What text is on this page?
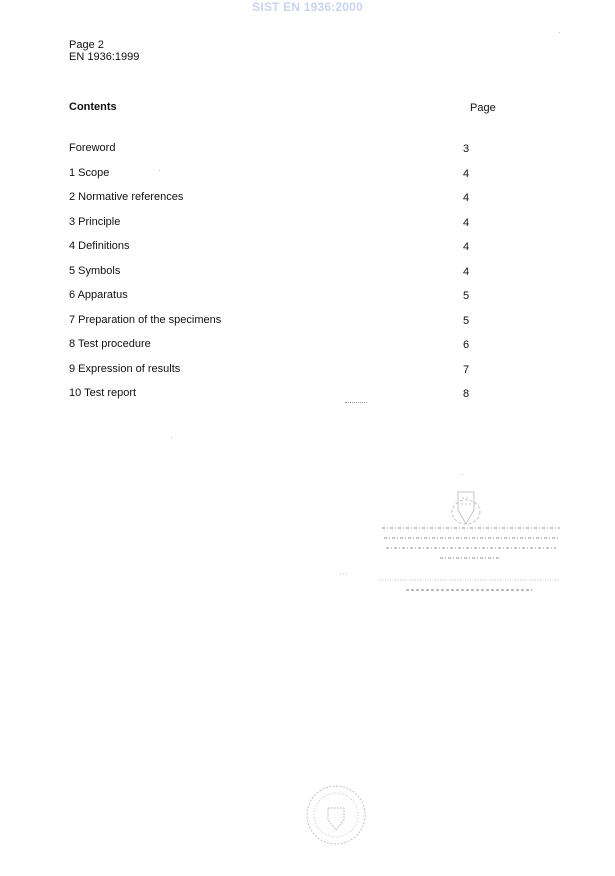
SIST EN 1936:2000
Page 2
EN 1936:1999
Contents	Page
Foreword	3
1 Scope	4
2 Normative references	4
3 Principle	4
4 Definitions	4
5 Symbols	4
6 Apparatus	5
7 Preparation of the specimens	5
8 Test procedure	6
9 Expression of results	7
10 Test report	8
